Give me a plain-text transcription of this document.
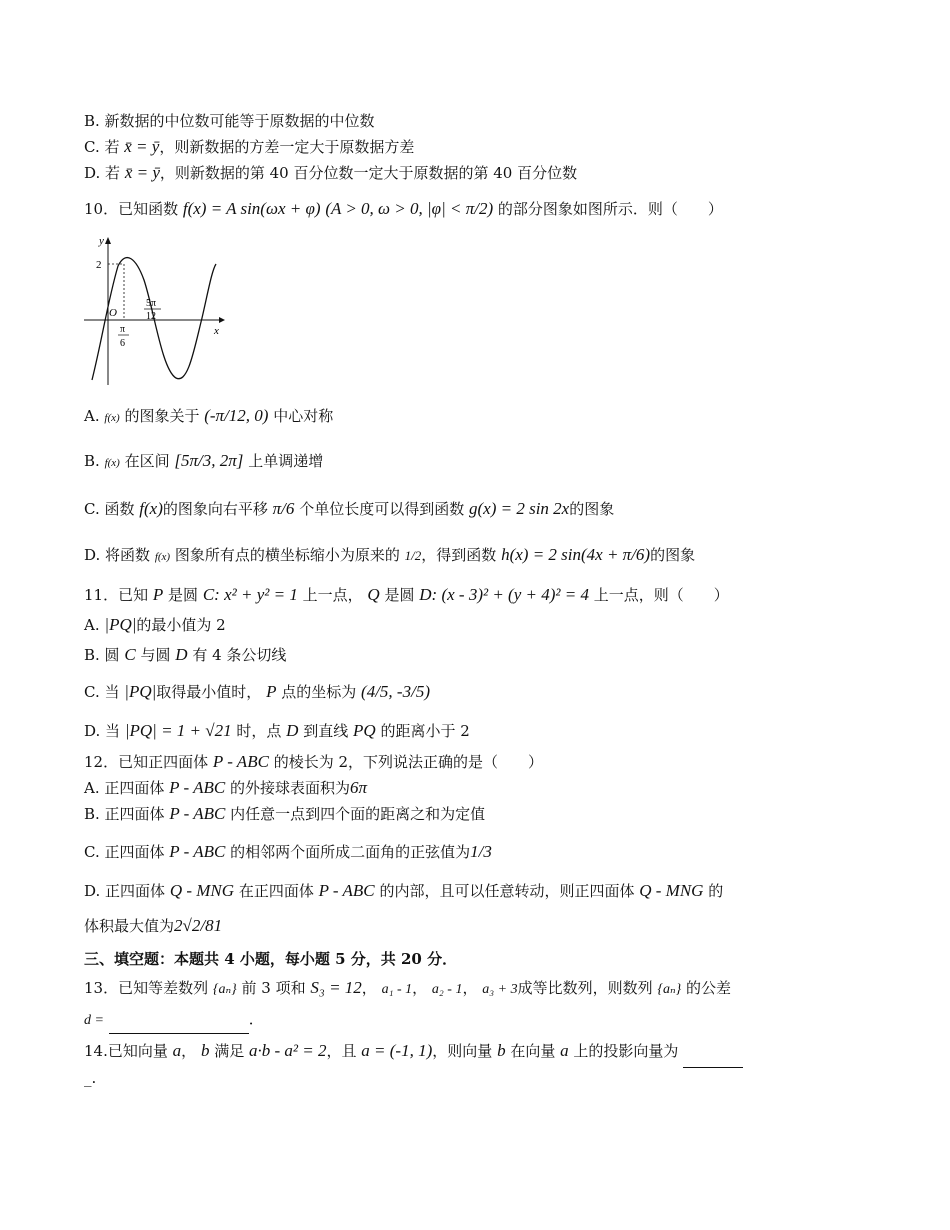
B. 新数据的中位数可能等于原数据的中位数
C. 若 x̄ = ȳ，则新数据的方差一定大于原数据方差
D. 若 x̄ = ȳ，则新数据的第 40 百分位数一定大于原数据的第 40 百分位数
10．已知函数 f(x) = A sin(ωx + φ) (A > 0, ω > 0, |φ| < π/2) 的部分图象如图所示．则（　　）
y
x
O
2
π
6
5π
12
A. f(x) 的图象关于 (-π/12, 0) 中心对称
B. f(x) 在区间 [5π/3, 2π] 上单调递增
C. 函数 f(x)的图象向右平移 π/6 个单位长度可以得到函数 g(x) = 2 sin 2x的图象
D. 将函数 f(x) 图象所有点的横坐标缩小为原来的 1/2，得到函数 h(x) = 2 sin(4x + π/6)的图象
11．已知 P 是圆 C: x² + y² = 1 上一点， Q 是圆 D: (x - 3)² + (y + 4)² = 4 上一点，则（　　）
A. |PQ|的最小值为 2
B. 圆 C 与圆 D 有 4 条公切线
C. 当 |PQ|取得最小值时， P 点的坐标为 (4/5, -3/5)
D. 当 |PQ| = 1 + √21 时，点 D 到直线 PQ 的距离小于 2
12．已知正四面体 P - ABC 的棱长为 2，下列说法正确的是（　　）
A. 正四面体 P - ABC 的外接球表面积为6π
B. 正四面体 P - ABC 内任意一点到四个面的距离之和为定值
C. 正四面体 P - ABC 的相邻两个面所成二面角的正弦值为1/3
D. 正四面体 Q - MNG 在正四面体 P - ABC 的内部，且可以任意转动，则正四面体 Q - MNG 的
体积最大值为2√2/81
三、填空题：本题共 4 小题，每小题 5 分，共 20 分．
13．已知等差数列 {aₙ} 前 3 项和 S₃ = 12， a₁ - 1， a₂ - 1， a₃ + 3成等比数列，则数列 {aₙ} 的公差
d =	．
14.已知向量 a， b 满足 a·b - a² = 2，且 a = (-1, 1)，则向量 b 在向量 a 上的投影向量为
_.
